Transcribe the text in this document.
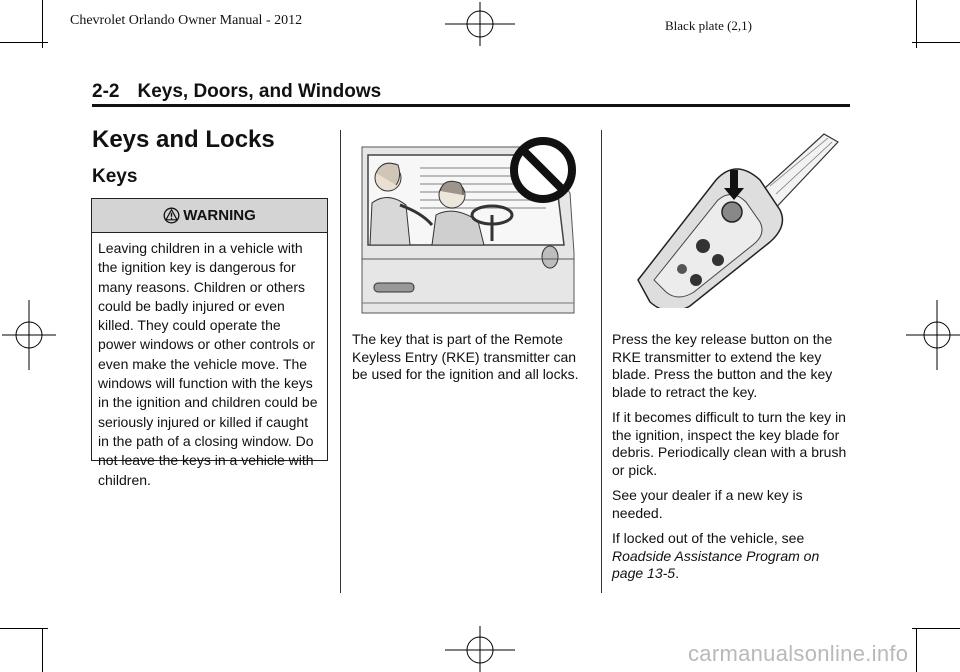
Chevrolet Orlando Owner Manual - 2012	Black plate (2,1)
2-2 Keys, Doors, and Windows
Keys and Locks
Keys
WARNING
Leaving children in a vehicle with the ignition key is dangerous for many reasons. Children or others could be badly injured or even killed. They could operate the power windows or other controls or even make the vehicle move. The windows will function with the keys in the ignition and children could be seriously injured or killed if caught in the path of a closing window. Do not leave the keys in a vehicle with children.

The key that is part of the Remote Keyless Entry (RKE) transmitter can be used for the ignition and all locks.

Press the key release button on the RKE transmitter to extend the key blade. Press the button and the key blade to retract the key.

If it becomes difficult to turn the key in the ignition, inspect the key blade for debris. Periodically clean with a brush or pick.

See your dealer if a new key is needed.

If locked out of the vehicle, see Roadside Assistance Program on page 13-5.

carmanualsonline.info
